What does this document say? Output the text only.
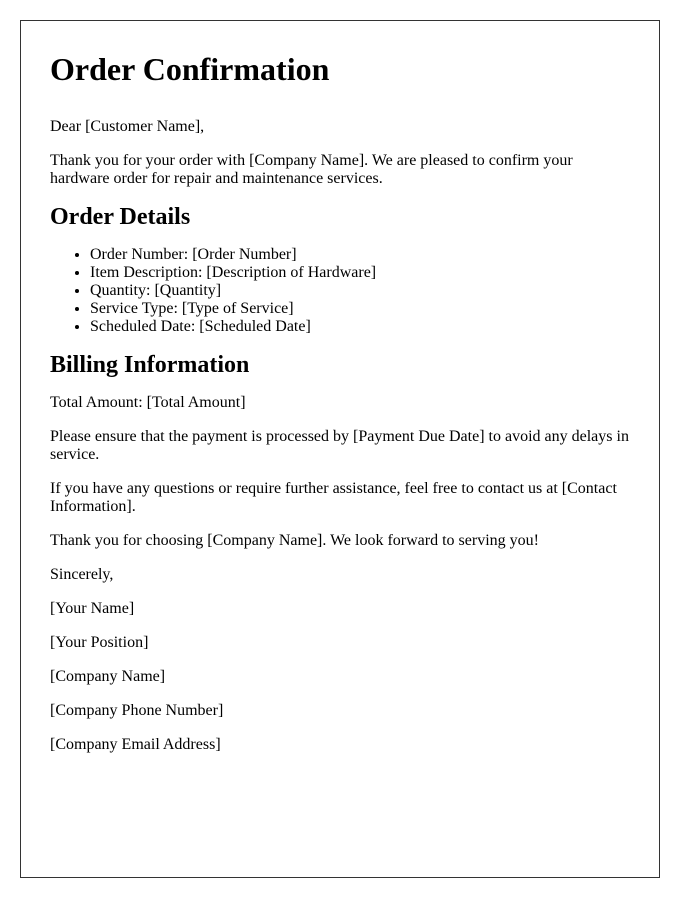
Order Confirmation

Dear [Customer Name],

Thank you for your order with [Company Name]. We are pleased to confirm your hardware order for repair and maintenance services.

Order Details
• Order Number: [Order Number]
• Item Description: [Description of Hardware]
• Quantity: [Quantity]
• Service Type: [Type of Service]
• Scheduled Date: [Scheduled Date]
Billing Information

Total Amount: [Total Amount]

Please ensure that the payment is processed by [Payment Due Date] to avoid any delays in service.

If you have any questions or require further assistance, feel free to contact us at [Contact Information].

Thank you for choosing [Company Name]. We look forward to serving you!

Sincerely,

[Your Name]

[Your Position]

[Company Name]

[Company Phone Number]

[Company Email Address]
